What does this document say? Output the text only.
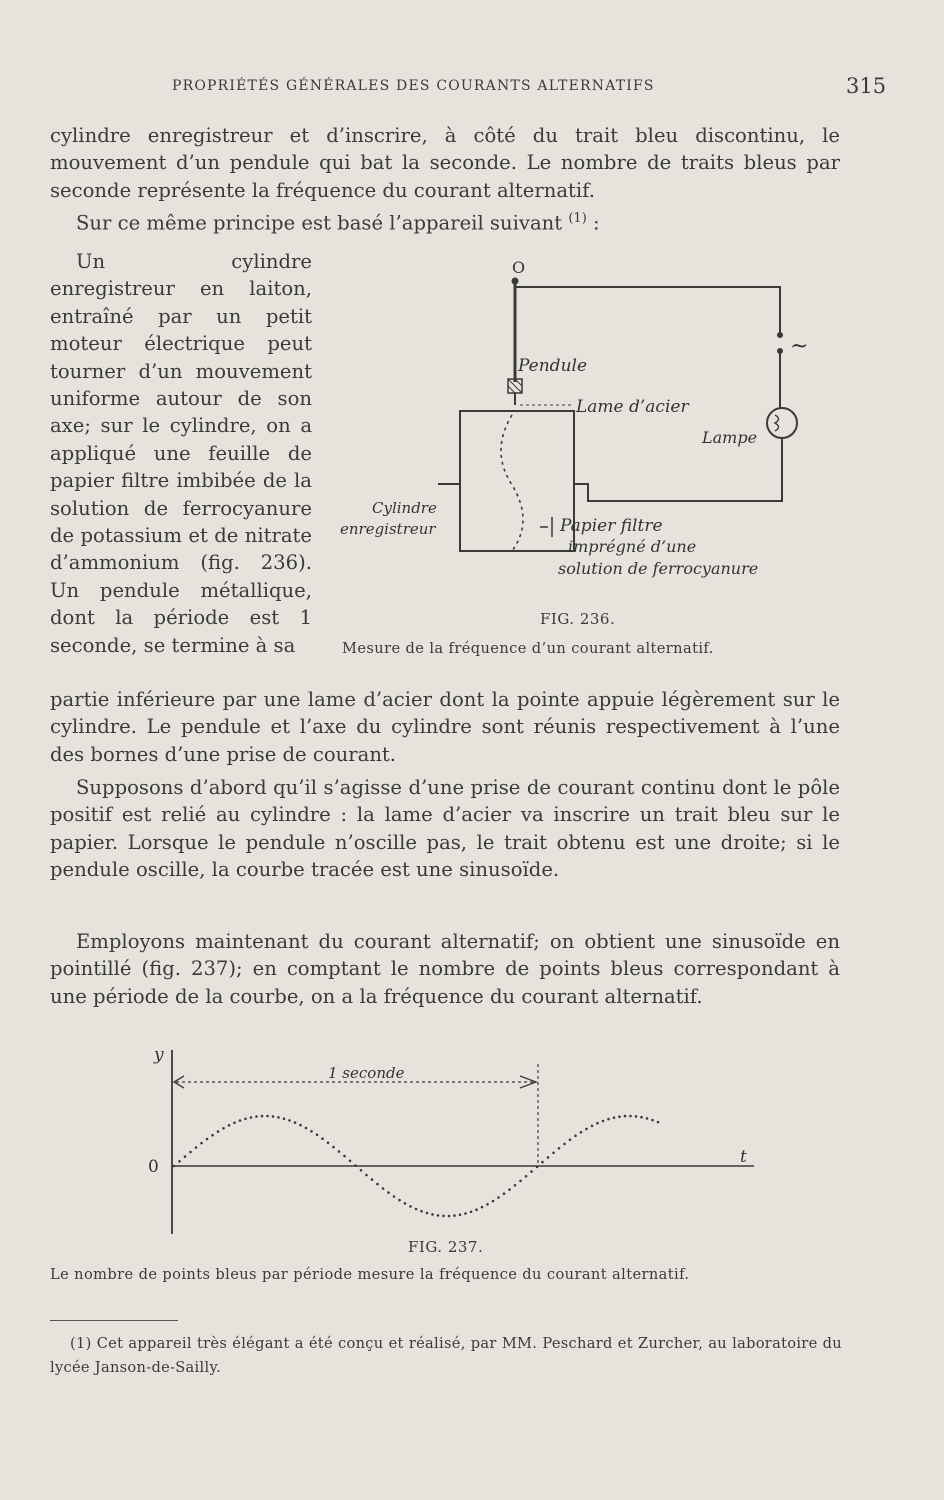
PROPRIÉTÉS GÉNÉRALES DES COURANTS ALTERNATIFS	315

cylindre enregistreur et d’inscrire, à côté du trait bleu discontinu, le mouvement d’un pendule qui bat la seconde. Le nombre de traits bleus par seconde représente la fréquence du courant alternatif.

Sur ce même principe est basé l’appareil suivant $^{(1)}$ :

Un cylindre enregistreur en laiton, entraîné par un petit moteur électrique peut tourner d’un mouvement uniforme autour de son axe; sur le cylindre, on a appliqué une feuille de papier filtre imbibée de la solution de ferrocyanure de potassium et de nitrate d’ammonium (fig. 236). Un pendule métallique, dont la période est 1 seconde, se termine à sa

partie inférieure par une lame d’acier dont la pointe appuie légèrement sur le cylindre. Le pendule et l’axe du cylindre sont réunis respectivement à l’une des bornes d’une prise de courant.

Supposons d’abord qu’il s’agisse d’une prise de courant continu dont le pôle positif est relié au cylindre : la lame d’acier va inscrire un trait bleu sur le papier. Lorsque le pendule n’oscille pas, le trait obtenu est une droite; si le pendule oscille, la courbe tracée est une sinusoïde.

Employons maintenant du courant alternatif; on obtient une sinusoïde en pointillé (fig. 237); en comptant le nombre de points bleus correspondant à une période de la courbe, on a la fréquence du courant alternatif.

O
Pendule
Lame d’acier
Lampe
~
Cylindre
enregistreur	Papier filtre
imprégné d’une
solution de ferrocyanure
FIG. 236.
Mesure de la fréquence d’un courant alternatif.
y
t
0
1 seconde
FIG. 237.
Le nombre de points bleus par période mesure la fréquence du courant alternatif.

(1) Cet appareil très élégant a été conçu et réalisé, par MM. Peschard et Zurcher, au laboratoire du lycée Janson-de-Sailly.
